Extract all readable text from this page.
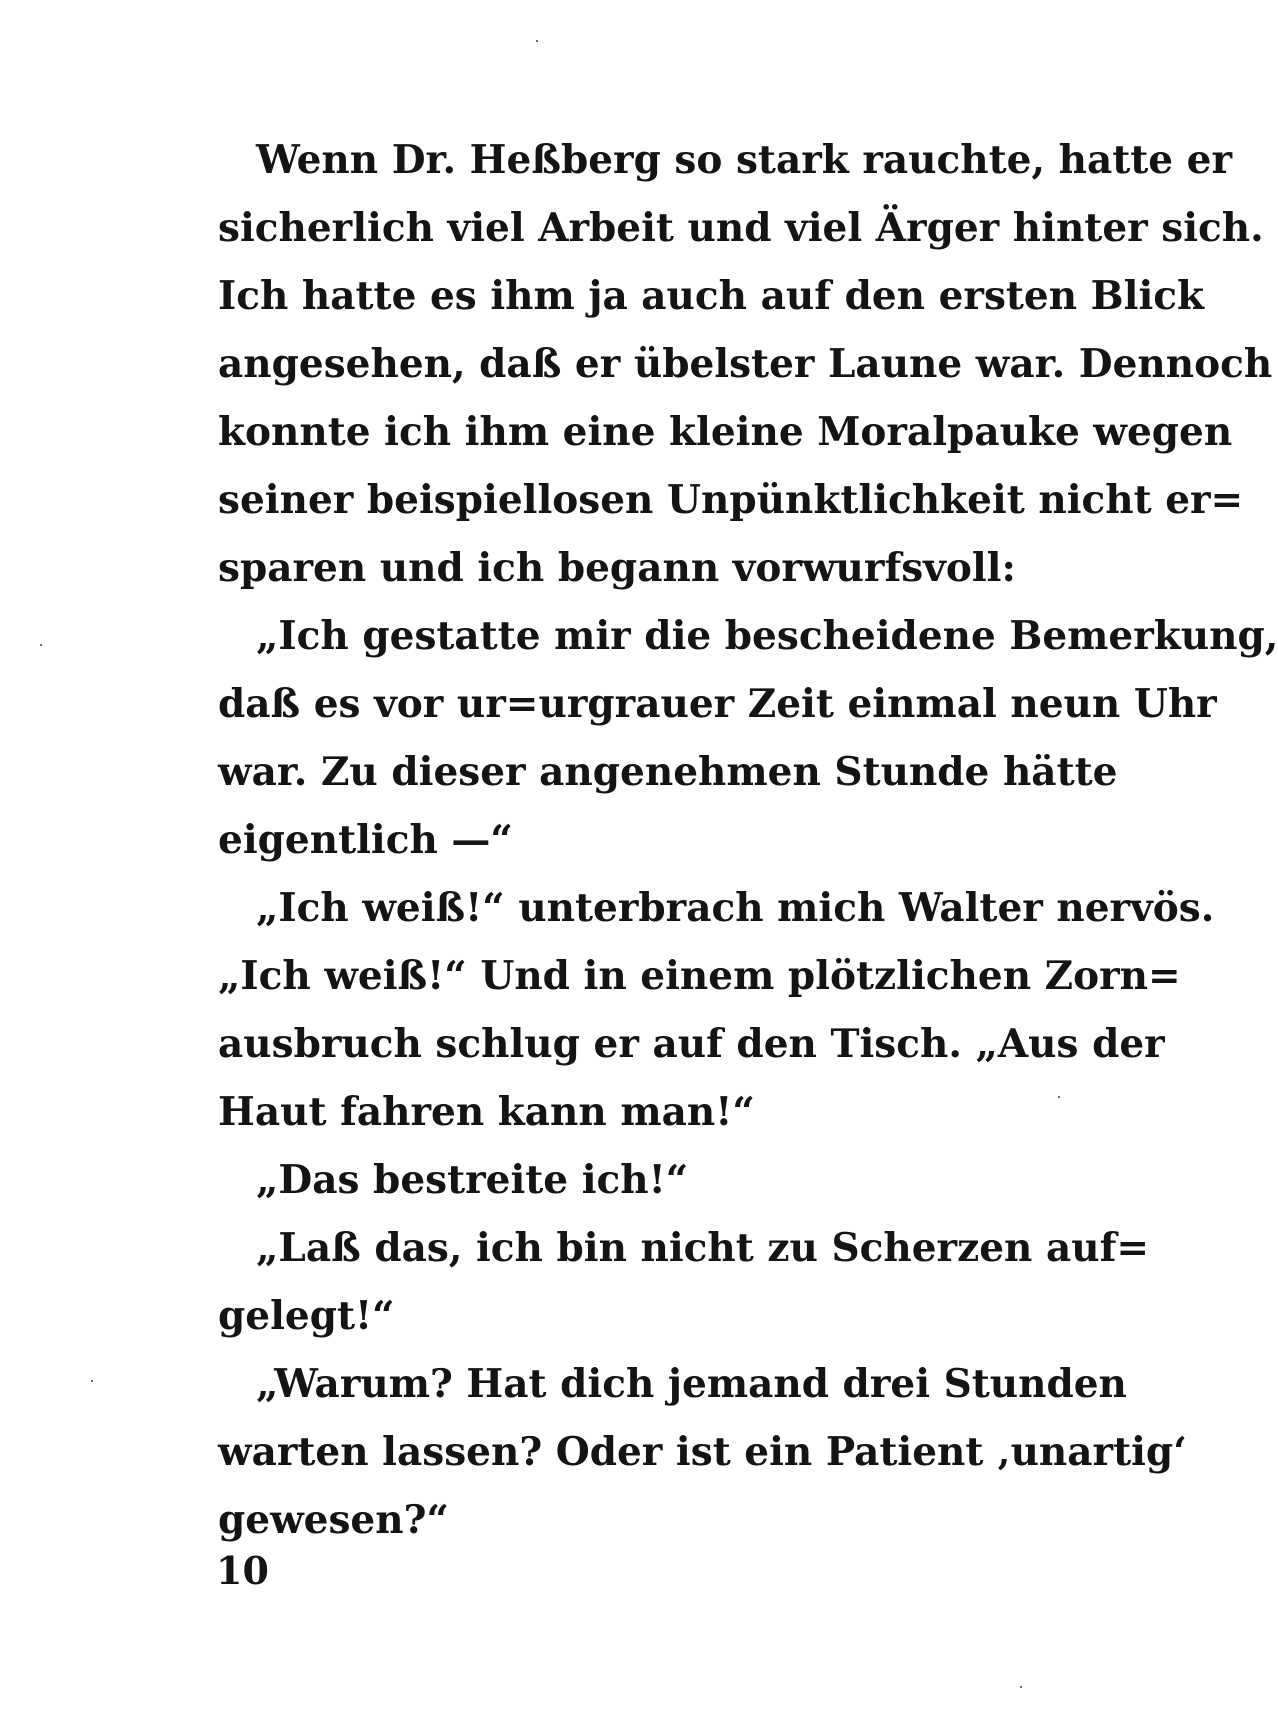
Wenn Dr. Heßberg so stark rauchte, hatte er
sicherlich viel Arbeit und viel Ärger hinter sich.
Ich hatte es ihm ja auch auf den ersten Blick
angesehen, daß er übelster Laune war. Dennoch
konnte ich ihm eine kleine Moralpauke wegen
seiner beispiellosen Unpünktlichkeit nicht er=
sparen und ich begann vorwurfsvoll:
„Ich gestatte mir die bescheidene Bemerkung,
daß es vor ur=urgrauer Zeit einmal neun Uhr
war. Zu dieser angenehmen Stunde hätte
eigentlich —“
„Ich weiß!“ unterbrach mich Walter nervös.
„Ich weiß!“ Und in einem plötzlichen Zorn=
ausbruch schlug er auf den Tisch. „Aus der
Haut fahren kann man!“
„Das bestreite ich!“
„Laß das, ich bin nicht zu Scherzen auf=
gelegt!“
„Warum? Hat dich jemand drei Stunden
warten lassen? Oder ist ein Patient ‚unartig‘
gewesen?“
10
